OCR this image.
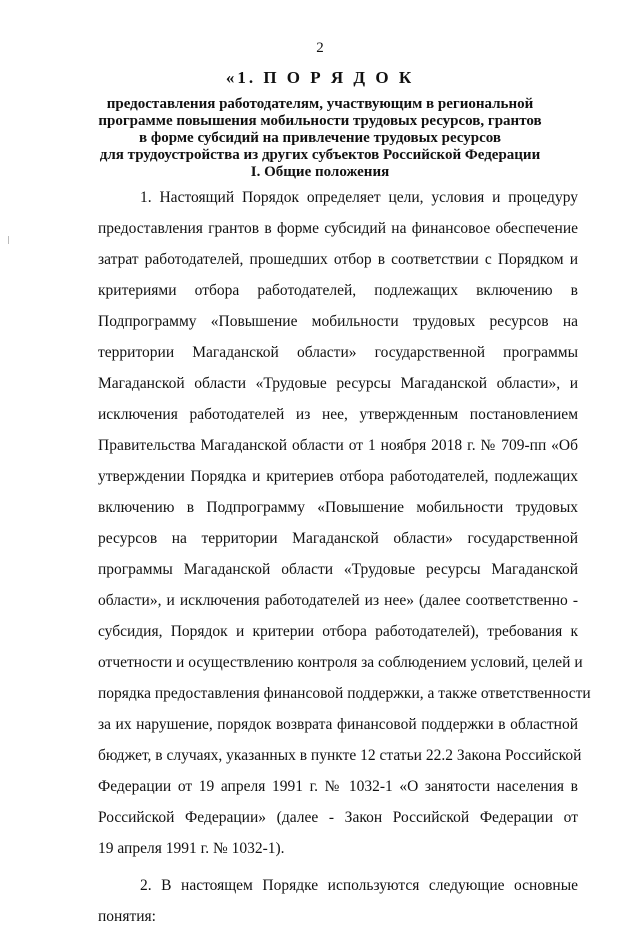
2
«1. П О Р Я Д О К
предоставления работодателям, участвующим в региональной
программе повышения мобильности трудовых ресурсов, грантов
в форме субсидий на привлечение трудовых ресурсов
для трудоустройства из других субъектов Российской Федерации
I. Общие положения
1. Настоящий Порядок определяет цели, условия и процедуру
предоставления грантов в форме субсидий на финансовое обеспечение
затрат работодателей, прошедших отбор в соответствии с Порядком и
критериями отбора работодателей, подлежащих включению в
Подпрограмму «Повышение мобильности трудовых ресурсов на
территории Магаданской области» государственной программы
Магаданской области «Трудовые ресурсы Магаданской области», и
исключения работодателей из нее, утвержденным постановлением
Правительства Магаданской области от 1 ноября 2018 г. № 709-пп «Об
утверждении Порядка и критериев отбора работодателей, подлежащих
включению в Подпрограмму «Повышение мобильности трудовых
ресурсов на территории Магаданской области» государственной
программы Магаданской области «Трудовые ресурсы Магаданской
области», и исключения работодателей из нее» (далее соответственно -
субсидия, Порядок и критерии отбора работодателей), требования к
отчетности и осуществлению контроля за соблюдением условий, целей и
порядка предоставления финансовой поддержки, а также ответственности
за их нарушение, порядок возврата финансовой поддержки в областной
бюджет, в случаях, указанных в пункте 12 статьи 22.2 Закона Российской
Федерации от 19 апреля 1991 г. № 1032-1 «О занятости населения в
Российской Федерации» (далее - Закон Российской Федерации от
19 апреля 1991 г. № 1032-1).
2. В настоящем Порядке используются следующие основные
понятия:
